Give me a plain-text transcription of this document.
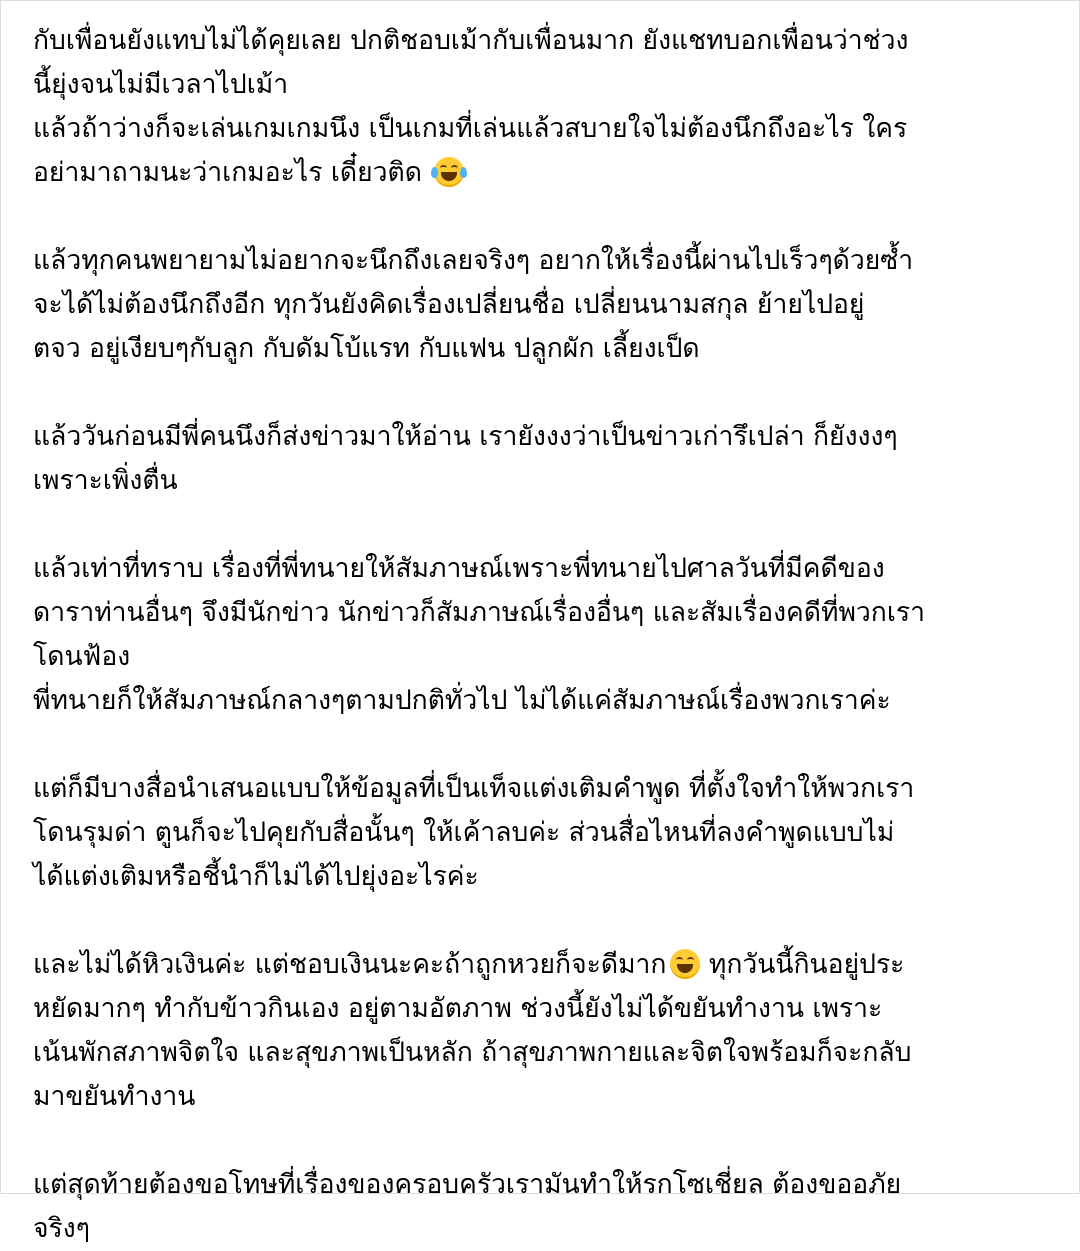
กับเพื่อนยังแทบไม่ได้คุยเลย ปกติชอบเม้ากับเพื่อนมาก ยังแชทบอกเพื่อนว่าช่วง
นี้ยุ่งจนไม่มีเวลาไปเม้า
แล้วถ้าว่างก็จะเล่นเกมเกมนึง เป็นเกมที่เล่นแล้วสบายใจไม่ต้องนึกถึงอะไร ใคร
อย่ามาถามนะว่าเกมอะไร เดี๋ยวติด
แล้วทุกคนพยายามไม่อยากจะนึกถึงเลยจริงๆ อยากให้เรื่องนี้ผ่านไปเร็วๆด้วยซ้ำ
จะได้ไม่ต้องนึกถึงอีก ทุกวันยังคิดเรื่องเปลี่ยนชื่อ เปลี่ยนนามสกุล ย้ายไปอยู่
ตจว อยู่เงียบๆกับลูก กับดัมโบ้แรท กับแฟน ปลูกผัก เลี้ยงเป็ด
แล้ววันก่อนมีพี่คนนึงก็ส่งข่าวมาให้อ่าน เรายังงงว่าเป็นข่าวเก่ารึเปล่า ก็ยังงงๆ
เพราะเพิ่งตื่น
แล้วเท่าที่ทราบ เรื่องที่พี่ทนายให้สัมภาษณ์เพราะพี่ทนายไปศาลวันที่มีคดีของ
ดาราท่านอื่นๆ จึงมีนักข่าว นักข่าวก็สัมภาษณ์เรื่องอื่นๆ และสัมเรื่องคดีที่พวกเรา
โดนฟ้อง
พี่ทนายก็ให้สัมภาษณ์กลางๆตามปกติทั่วไป ไม่ได้แค่สัมภาษณ์เรื่องพวกเราค่ะ
แต่ก็มีบางสื่อนำเสนอแบบให้ข้อมูลที่เป็นเท็จแต่งเติมคำพูด ที่ตั้งใจทำให้พวกเรา
โดนรุมด่า ตูนก็จะไปคุยกับสื่อนั้นๆ ให้เค้าลบค่ะ ส่วนสื่อไหนที่ลงคำพูดแบบไม่
ได้แต่งเติมหรือชี้นำก็ไม่ได้ไปยุ่งอะไรค่ะ
และไม่ได้หิวเงินค่ะ แต่ชอบเงินนะคะถ้าถูกหวยก็จะดีมาก
ทุกวันนี้กินอยู่ประ
หยัดมากๆ ทำกับข้าวกินเอง อยู่ตามอัตภาพ ช่วงนี้ยังไม่ได้ขยันทำงาน เพราะ
เน้นพักสภาพจิตใจ และสุขภาพเป็นหลัก ถ้าสุขภาพกายและจิตใจพร้อมก็จะกลับ
มาขยันทำงาน
แต่สุดท้ายต้องขอโทษที่เรื่องของครอบครัวเรามันทำให้รกโซเชี่ยล ต้องขออภัย
จริงๆ
